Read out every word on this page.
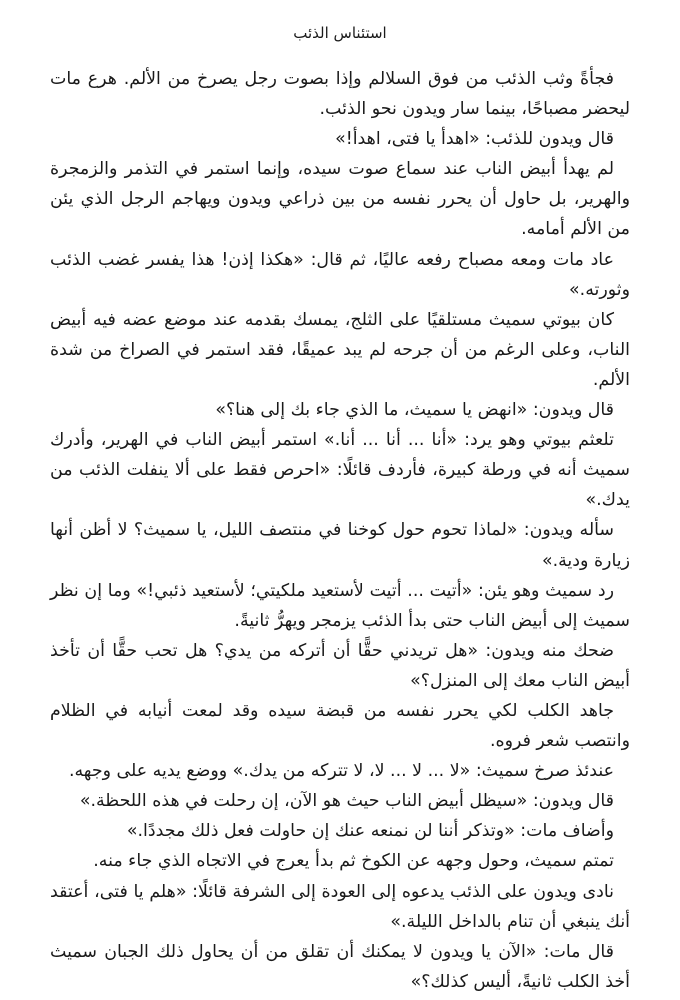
استئناس الذئب

فجأةً وثب الذئب من فوق السلالم وإذا بصوت رجل يصرخ من الألم. هرع مات ليحضر مصباحًا، بينما سار ويدون نحو الذئب.

قال ويدون للذئب: «اهدأ يا فتى، اهدأ!»

لم يهدأ أبيض الناب عند سماع صوت سيده، وإنما استمر في التذمر والزمجرة والهرير، بل حاول أن يحرر نفسه من بين ذراعي ويدون ويهاجم الرجل الذي يئن من الألم أمامه.

عاد مات ومعه مصباح رفعه عاليًا، ثم قال: «هكذا إذن! هذا يفسر غضب الذئب وثورته.»

كان بيوتي سميث مستلقيًا على الثلج، يمسك بقدمه عند موضع عضه فيه أبيض الناب، وعلى الرغم من أن جرحه لم يبد عميقًا، فقد استمر في الصراخ من شدة الألم.

قال ويدون: «انهض يا سميث، ما الذي جاء بك إلى هنا؟»

تلعثم بيوتي وهو يرد: «أنا ... أنا ... أنا.» استمر أبيض الناب في الهرير، وأدرك سميث أنه في ورطة كبيرة، فأردف قائلًا: «احرص فقط على ألا ينفلت الذئب من يدك.»

سأله ويدون: «لماذا تحوم حول كوخنا في منتصف الليل، يا سميث؟ لا أظن أنها زيارة ودية.»

رد سميث وهو يئن: «أتيت ... أتيت لأستعيد ملكيتي؛ لأستعيد ذئبي!» وما إن نظر سميث إلى أبيض الناب حتى بدأ الذئب يزمجر ويهرُّ ثانيةً.

ضحك منه ويدون: «هل تريدني حقًّا أن أتركه من يدي؟ هل تحب حقًّا أن تأخذ أبيض الناب معك إلى المنزل؟»

جاهد الكلب لكي يحرر نفسه من قبضة سيده وقد لمعت أنيابه في الظلام وانتصب شعر فروه.

عندئذ صرخ سميث: «لا ... لا ... لا، لا تتركه من يدك.» ووضع يديه على وجهه.

قال ويدون: «سيظل أبيض الناب حيث هو الآن، إن رحلت في هذه اللحظة.»

وأضاف مات: «وتذكر أننا لن نمنعه عنك إن حاولت فعل ذلك مجددًا.»

تمتم سميث، وحول وجهه عن الكوخ ثم بدأ يعرج في الاتجاه الذي جاء منه.

نادى ويدون على الذئب يدعوه إلى العودة إلى الشرفة قائلًا: «هلم يا فتى، أعتقد أنك ينبغي أن تنام بالداخل الليلة.»

قال مات: «الآن يا ويدون لا يمكنك أن تقلق من أن يحاول ذلك الجبان سميث أخذ الكلب ثانيةً، أليس كذلك؟»
